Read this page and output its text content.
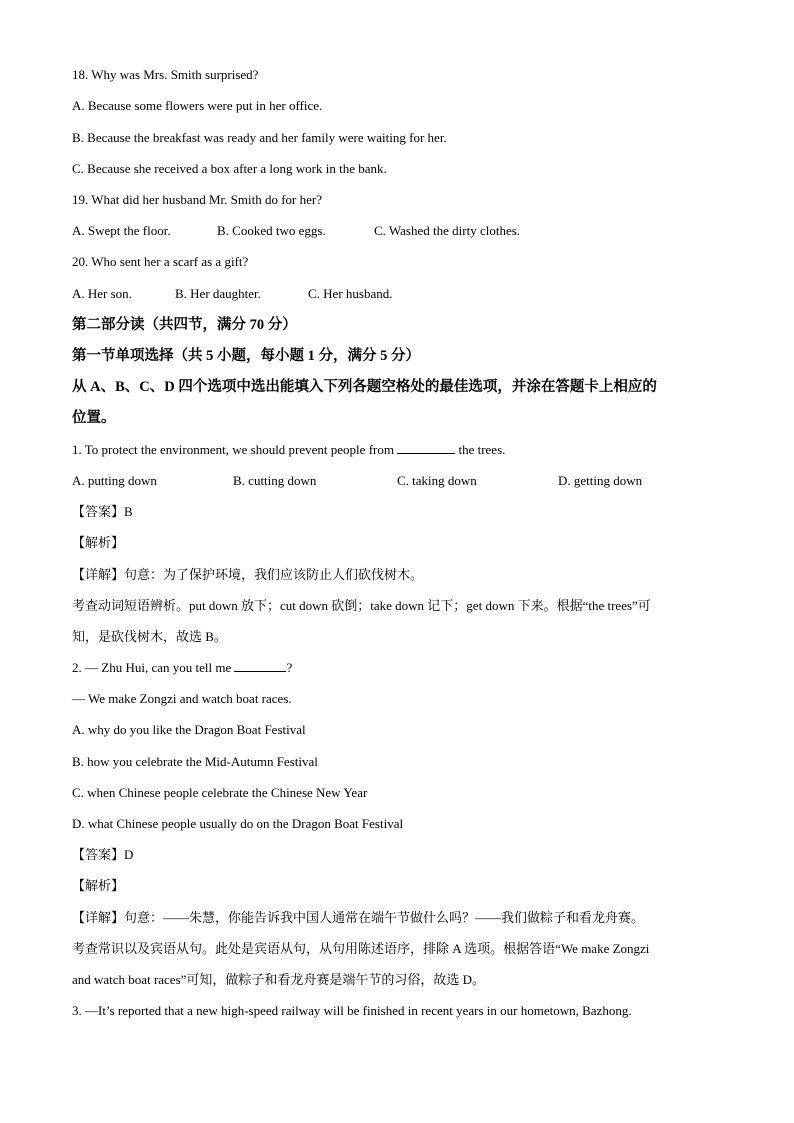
18. Why was Mrs. Smith surprised?
A. Because some flowers were put in her office.
B. Because the breakfast was ready and her family were waiting for her.
C. Because she received a box after a long work in the bank.
19. What did her husband Mr. Smith do for her?
A. Swept the floor.	B. Cooked two eggs.	C. Washed the dirty clothes.
20. Who sent her a scarf as a gift?
A. Her son.	B. Her daughter.	C. Her husband.
第二部分读（共四节，满分 70 分）
第一节单项选择（共 5 小题，每小题 1 分，满分 5 分）
从 A、B、C、D 四个选项中选出能填入下列各题空格处的最佳选项，并涂在答题卡上相应的
位置。
1. To protect the environment, we should prevent people from	the trees.
A. putting down	B. cutting down	C. taking down	D. getting down
【答案】B
【解析】
【详解】句意：为了保护环境，我们应该防止人们砍伐树木。
考查动词短语辨析。put down 放下；cut down 砍倒；take down 记下；get down 下来。根据“the trees”可
知，是砍伐树木，故选 B。
2. — Zhu Hui, can you tell me	?
— We make Zongzi and watch boat races.
A. why do you like the Dragon Boat Festival
B. how you celebrate the Mid-Autumn Festival
C. when Chinese people celebrate the Chinese New Year
D. what Chinese people usually do on the Dragon Boat Festival
【答案】D
【解析】
【详解】句意：——朱慧，你能告诉我中国人通常在端午节做什么吗？——我们做粽子和看龙舟赛。
考查常识以及宾语从句。此处是宾语从句，从句用陈述语序，排除 A 选项。根据答语“We make Zongzi
and watch boat races”可知，做粽子和看龙舟赛是端午节的习俗，故选 D。
3. —It’s reported that a new high-speed railway will be finished in recent years in our hometown, Bazhong.
